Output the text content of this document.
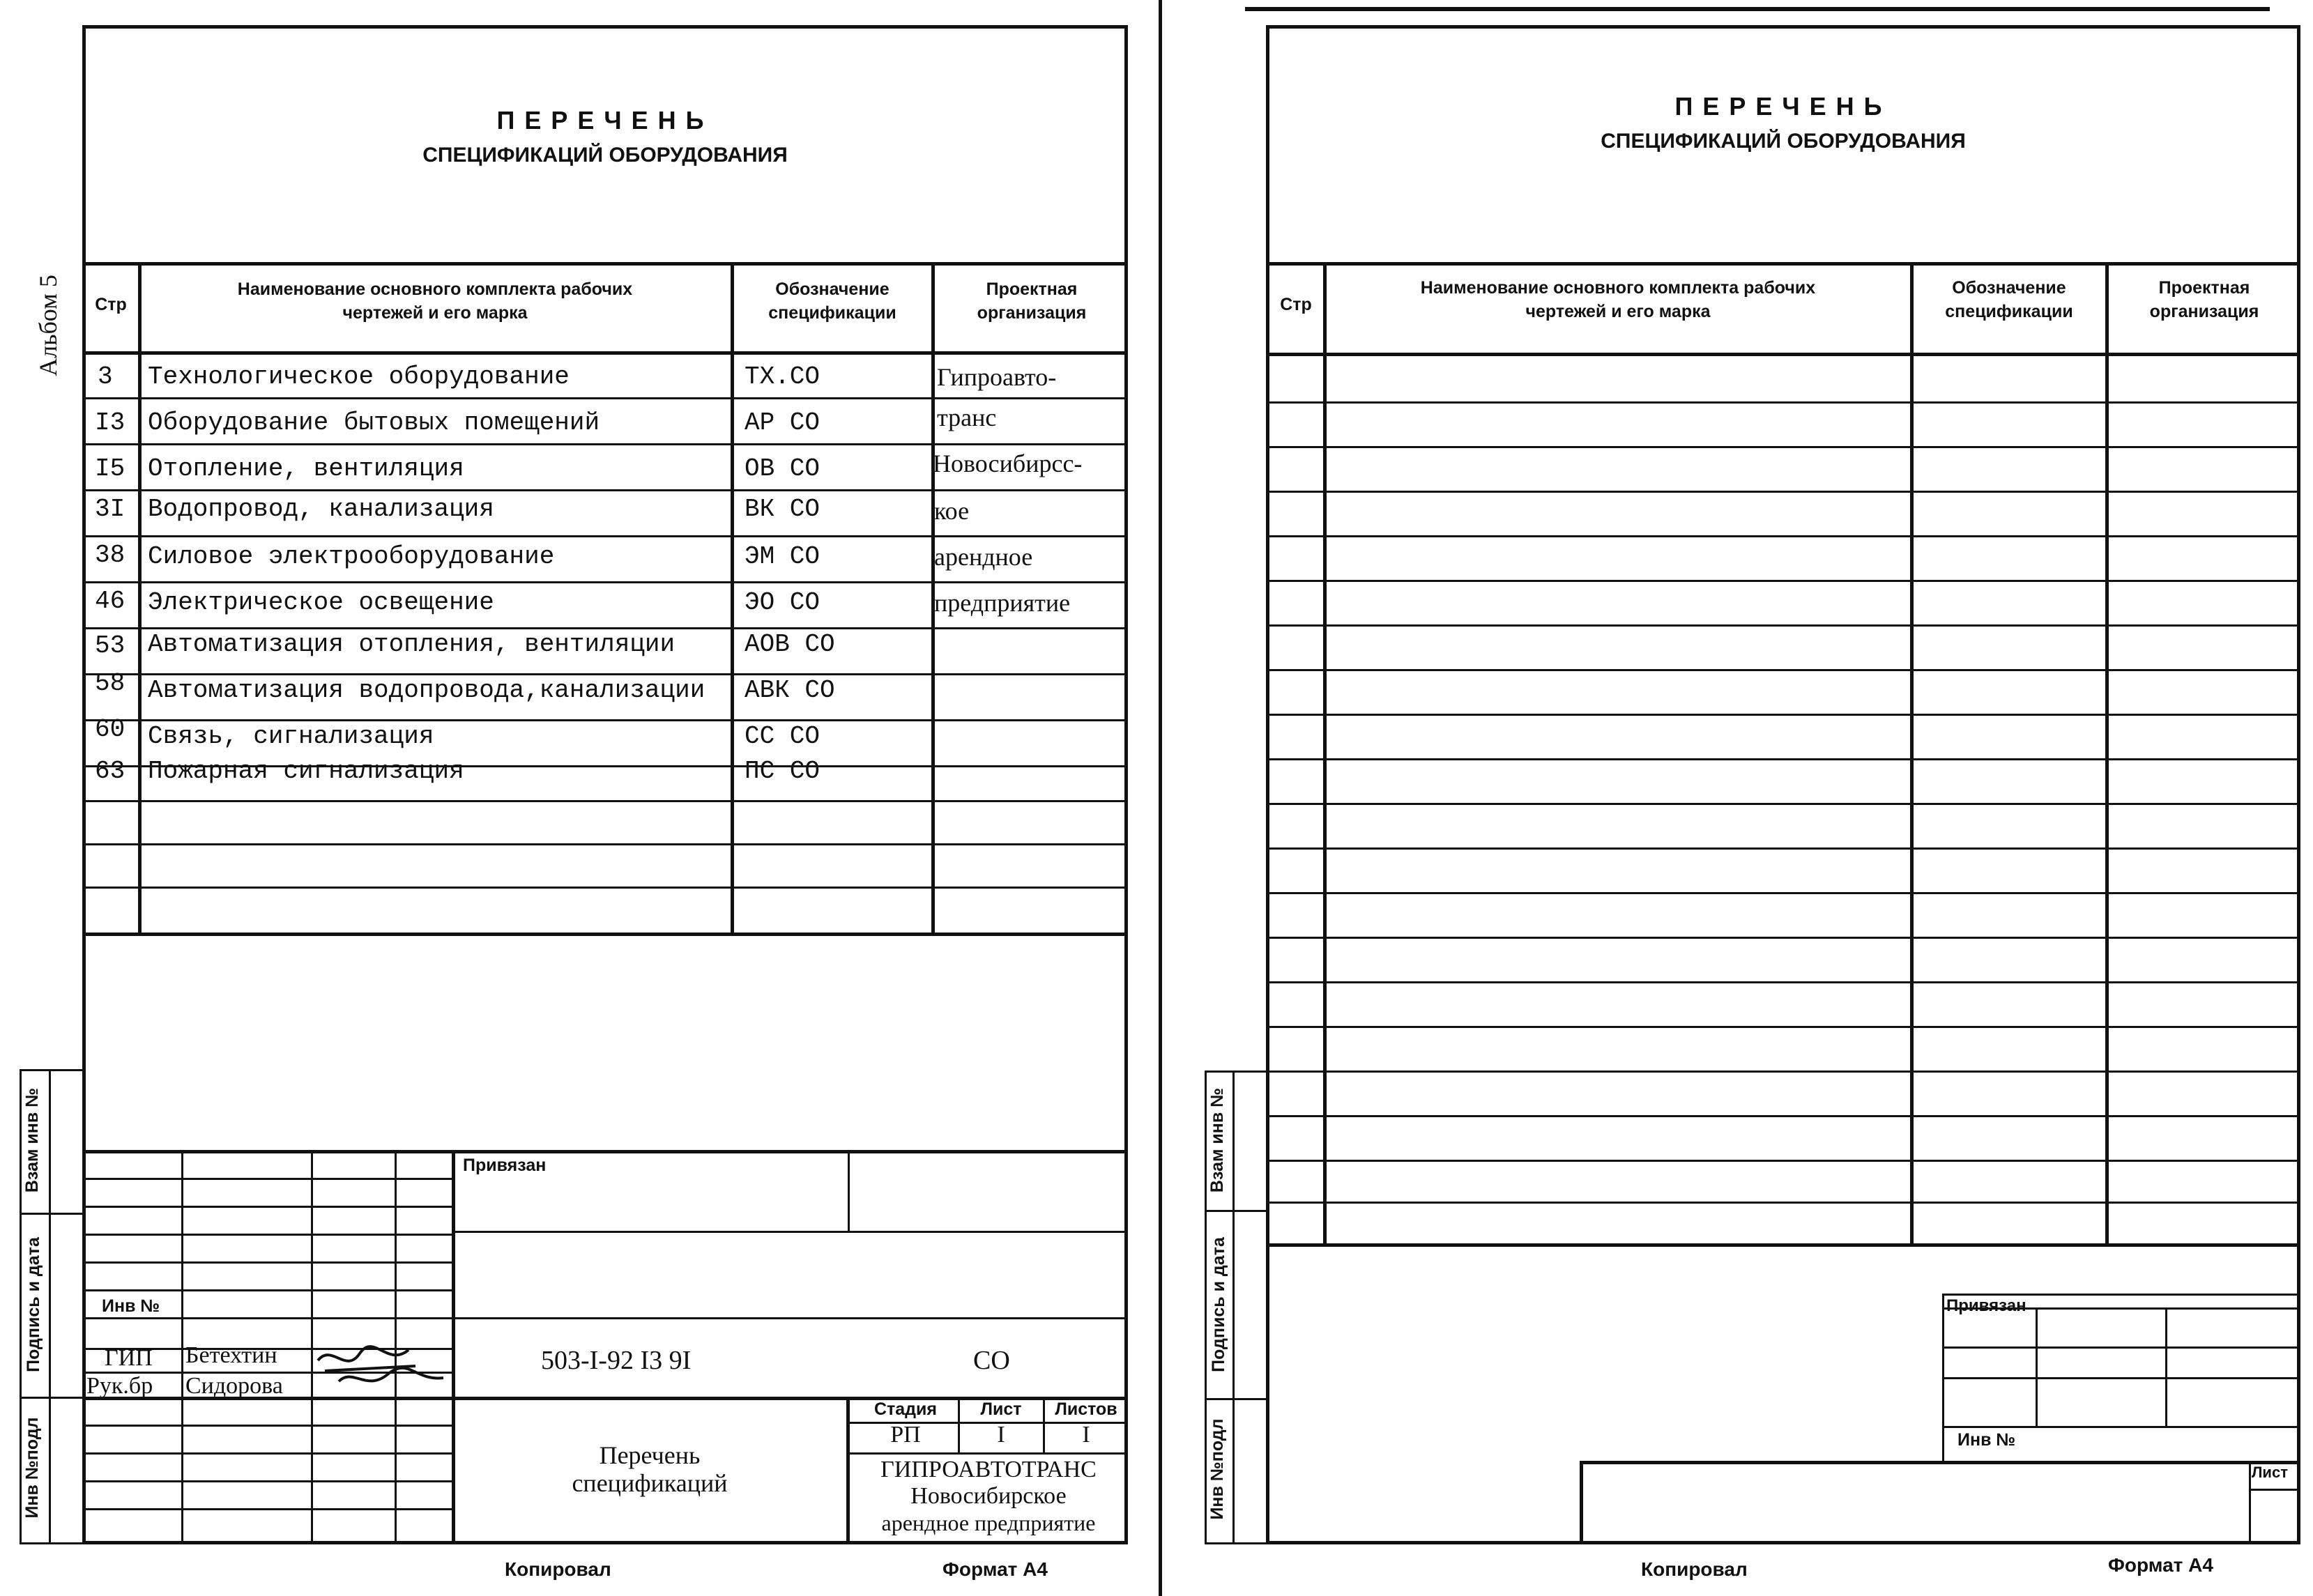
ПЕРЕЧЕНЬ
СПЕЦИФИКАЦИЙ ОБОРУДОВАНИЯ
Стр
Наименование основного комплекта рабочих
чертежей и его марка
Обозначение
спецификации
Проектная
организация
3 Технологическое оборудование	ТХ.СО	Гипроавто-
I3 Оборудование бытовых помещений	АР СО	транс
I5 Отопление, вентиляция	ОВ СО	Новосибирсс-
3I Водопровод, канализация	ВК СО	кое
38 Силовое электрооборудование	ЭМ СО	арендное
46 Электрическое освещение	ЭО СО	предприятие
53 Автоматизация отопления, вентиляции	АОВ СО
58 Автоматизация водопровода,канализации АВК СО
60 Связь, сигнализация	СС СО
63 Пожарная сигнализация	ПС СО
Альбом 5
Взам инв №
Подпись и дата
Инв №подл
Привязан
Инв №
ГИП Бетехтин
Рук.бр Сидорова
503-I-92 I3 9I	СО
Перечень
спецификаций
Стадия	Лист	Листов
РП	I	I
ГИПРОАВТОТРАНС
Новосибирское
арендное предприятие
Копировал	Формат А4
ПЕРЕЧЕНЬ
СПЕЦИФИКАЦИЙ ОБОРУДОВАНИЯ
Стр
Наименование основного комплекта рабочих
чертежей и его марка
Обозначение
спецификации
Проектная
организация
Взам инв №
Подпись и дата
Инв №подл
Привязан
Инв №
Лист
Копировал	Формат А4
